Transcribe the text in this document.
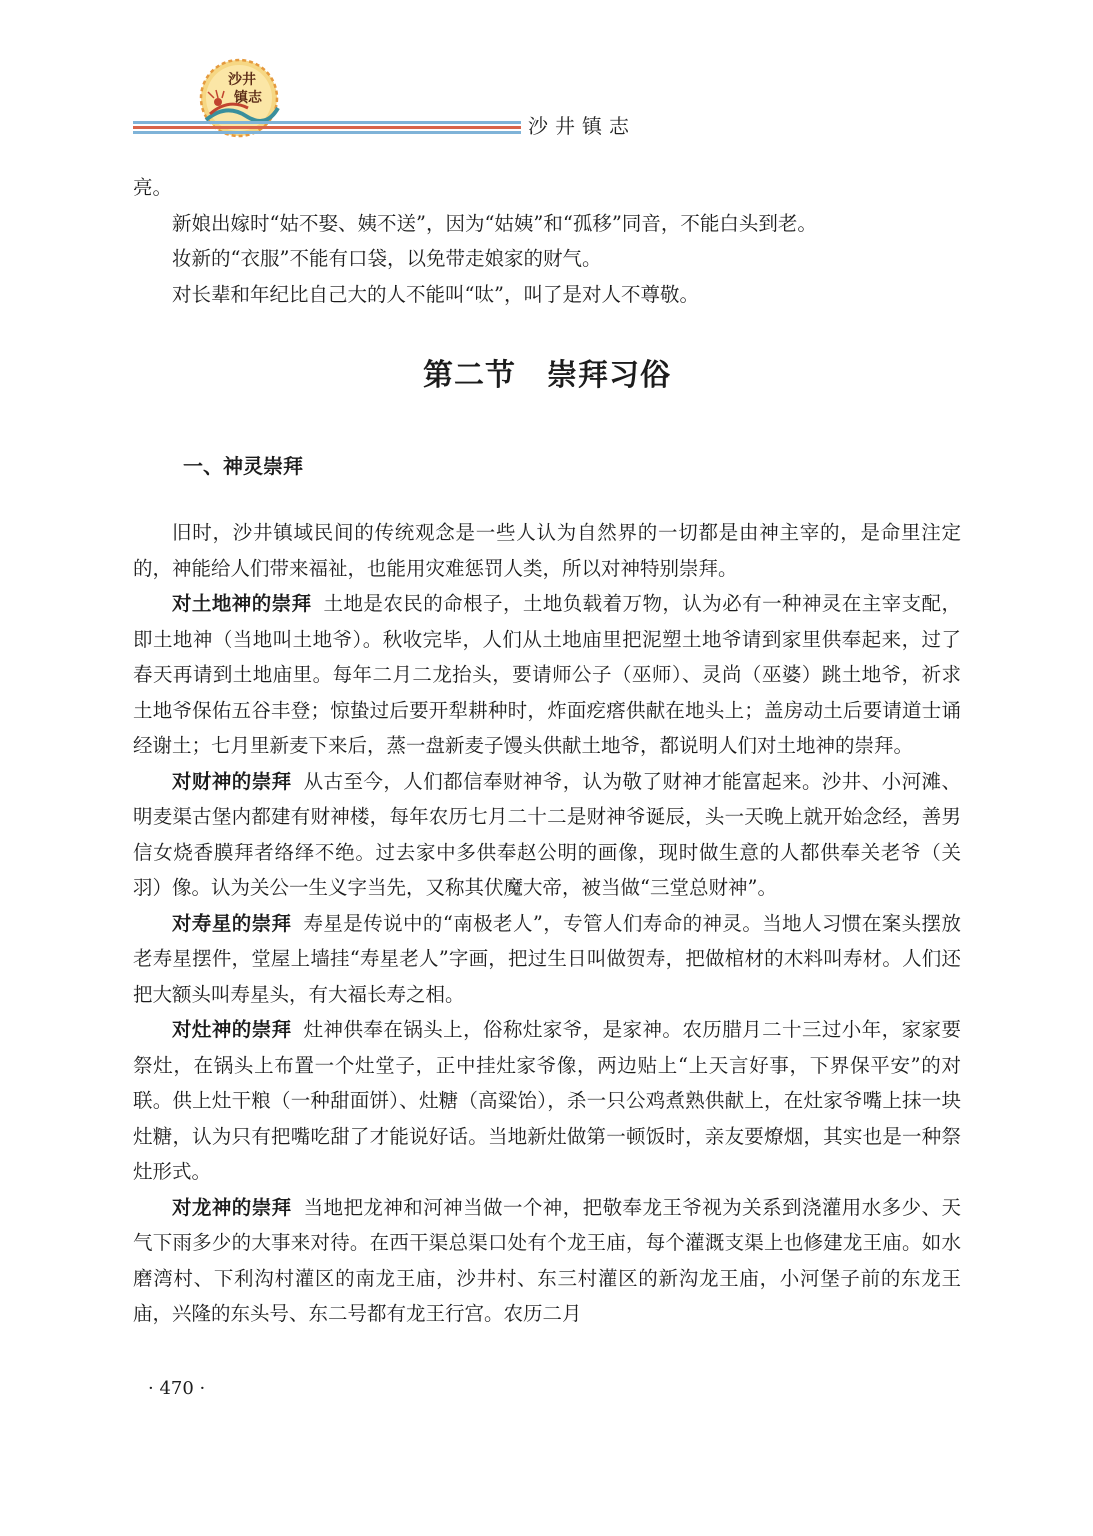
沙井
镇志
沙井镇志

亮。

新娘出嫁时“姑不娶、姨不送”，因为“姑姨”和“孤移”同音，不能白头到老。

妆新的“衣服”不能有口袋，以免带走娘家的财气。

对长辈和年纪比自己大的人不能叫“呔”，叫了是对人不尊敬。

第二节　崇拜习俗
一、神灵崇拜

旧时，沙井镇域民间的传统观念是一些人认为自然界的一切都是由神主宰的，是命里注定的，神能给人们带来福祉，也能用灾难惩罚人类，所以对神特别崇拜。

对土地神的崇拜 土地是农民的命根子，土地负载着万物，认为必有一种神灵在主宰支配，即土地神（当地叫土地爷）。秋收完毕，人们从土地庙里把泥塑土地爷请到家里供奉起来，过了春天再请到土地庙里。每年二月二龙抬头，要请师公子（巫师）、灵尚（巫婆）跳土地爷，祈求土地爷保佑五谷丰登；惊蛰过后要开犁耕种时，炸面疙瘩供献在地头上；盖房动土后要请道士诵经谢土；七月里新麦下来后，蒸一盘新麦子馒头供献土地爷，都说明人们对土地神的崇拜。

对财神的崇拜 从古至今，人们都信奉财神爷，认为敬了财神才能富起来。沙井、小河滩、明麦渠古堡内都建有财神楼，每年农历七月二十二是财神爷诞辰，头一天晚上就开始念经，善男信女烧香膜拜者络绎不绝。过去家中多供奉赵公明的画像，现时做生意的人都供奉关老爷（关羽）像。认为关公一生义字当先，又称其伏魔大帝，被当做“三堂总财神”。

对寿星的崇拜 寿星是传说中的“南极老人”，专管人们寿命的神灵。当地人习惯在案头摆放老寿星摆件，堂屋上墙挂“寿星老人”字画，把过生日叫做贺寿，把做棺材的木料叫寿材。人们还把大额头叫寿星头，有大福长寿之相。

对灶神的崇拜 灶神供奉在锅头上，俗称灶家爷，是家神。农历腊月二十三过小年，家家要祭灶，在锅头上布置一个灶堂子，正中挂灶家爷像，两边贴上“上天言好事，下界保平安”的对联。供上灶干粮（一种甜面饼）、灶糖（高粱饴），杀一只公鸡煮熟供献上，在灶家爷嘴上抹一块灶糖，认为只有把嘴吃甜了才能说好话。当地新灶做第一顿饭时，亲友要燎烟，其实也是一种祭灶形式。

对龙神的崇拜 当地把龙神和河神当做一个神，把敬奉龙王爷视为关系到浇灌用水多少、天气下雨多少的大事来对待。在西干渠总渠口处有个龙王庙，每个灌溉支渠上也修建龙王庙。如水磨湾村、下利沟村灌区的南龙王庙，沙井村、东三村灌区的新沟龙王庙，小河堡子前的东龙王庙，兴隆的东头号、东二号都有龙王行宫。农历二月

· 470 ·
